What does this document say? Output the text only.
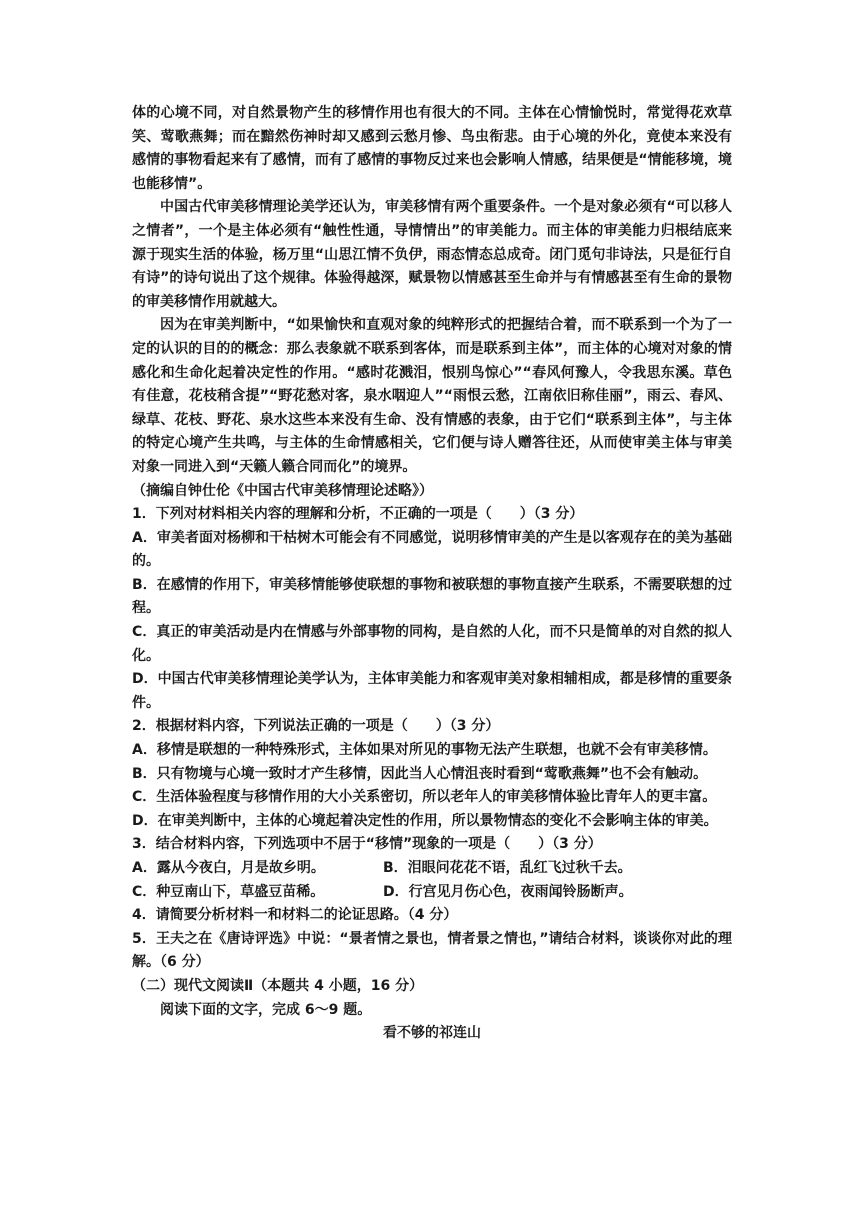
体的心境不同，对自然景物产生的移情作用也有很大的不同。主体在心情愉悦时，常觉得花欢草笑、莺歌燕舞；而在黯然伤神时却又感到云愁月惨、鸟虫衔悲。由于心境的外化，竟使本来没有感情的事物看起来有了感情，而有了感情的事物反过来也会影响人情感，结果便是“情能移境，境也能移情”。

中国古代审美移情理论美学还认为，审美移情有两个重要条件。一个是对象必须有“可以移人之情者”，一个是主体必须有“触性性通，导情情出”的审美能力。而主体的审美能力归根结底来源于现实生活的体验，杨万里“山思江情不负伊，雨态情态总成奇。闭门觅句非诗法，只是征行自有诗”的诗句说出了这个规律。体验得越深，赋景物以情感甚至生命并与有情感甚至有生命的景物的审美移情作用就越大。

因为在审美判断中，“如果愉快和直观对象的纯粹形式的把握结合着，而不联系到一个为了一定的认识的目的的概念：那么表象就不联系到客体，而是联系到主体”，而主体的心境对对象的情感化和生命化起着决定性的作用。“感时花溅泪，恨别鸟惊心”“春风何豫人，令我思东溪。草色有佳意，花枝稍含提”“野花愁对客，泉水咽迎人”“雨恨云愁，江南依旧称佳丽”，雨云、春风、绿草、花枝、野花、泉水这些本来没有生命、没有情感的表象，由于它们“联系到主体”，与主体的特定心境产生共鸣，与主体的生命情感相关，它们便与诗人赠答往还，从而使审美主体与审美对象一同进入到“天籁人籁合同而化”的境界。

（摘编自钟仕伦《中国古代审美移情理论述略》）

1．下列对材料相关内容的理解和分析，不正确的一项是（　　）（3 分）

A．审美者面对杨柳和干枯树木可能会有不同感觉，说明移情审美的产生是以客观存在的美为基础的。

B．在感情的作用下，审美移情能够使联想的事物和被联想的事物直接产生联系，不需要联想的过程。

C．真正的审美活动是内在情感与外部事物的同构，是自然的人化，而不只是简单的对自然的拟人化。

D．中国古代审美移情理论美学认为，主体审美能力和客观审美对象相辅相成，都是移情的重要条件。

2．根据材料内容，下列说法正确的一项是（　　）（3 分）

A．移情是联想的一种特殊形式，主体如果对所见的事物无法产生联想，也就不会有审美移情。

B．只有物境与心境一致时才产生移情，因此当人心情沮丧时看到“莺歌燕舞”也不会有触动。

C．生活体验程度与移情作用的大小关系密切，所以老年人的审美移情体验比青年人的更丰富。

D．在审美判断中，主体的心境起着决定性的作用，所以景物情态的变化不会影响主体的审美。

3．结合材料内容，下列选项中不居于“移情”现象的一项是（　　）（3 分）

A．露从今夜白，月是故乡明。	B．泪眼问花花不语，乱红飞过秋千去。
C．种豆南山下，草盛豆苗稀。	D．行宫见月伤心色，夜雨闻铃肠断声。

4．请简要分析材料一和材料二的论证思路。（4 分）

5．王夫之在《唐诗评选》中说：“景者情之景也，情者景之情也，”请结合材料，谈谈你对此的理解。（6 分）

（二）现代文阅读Ⅱ（本题共 4 小题，16 分）

阅读下面的文字，完成 6～9 题。

看不够的祁连山
